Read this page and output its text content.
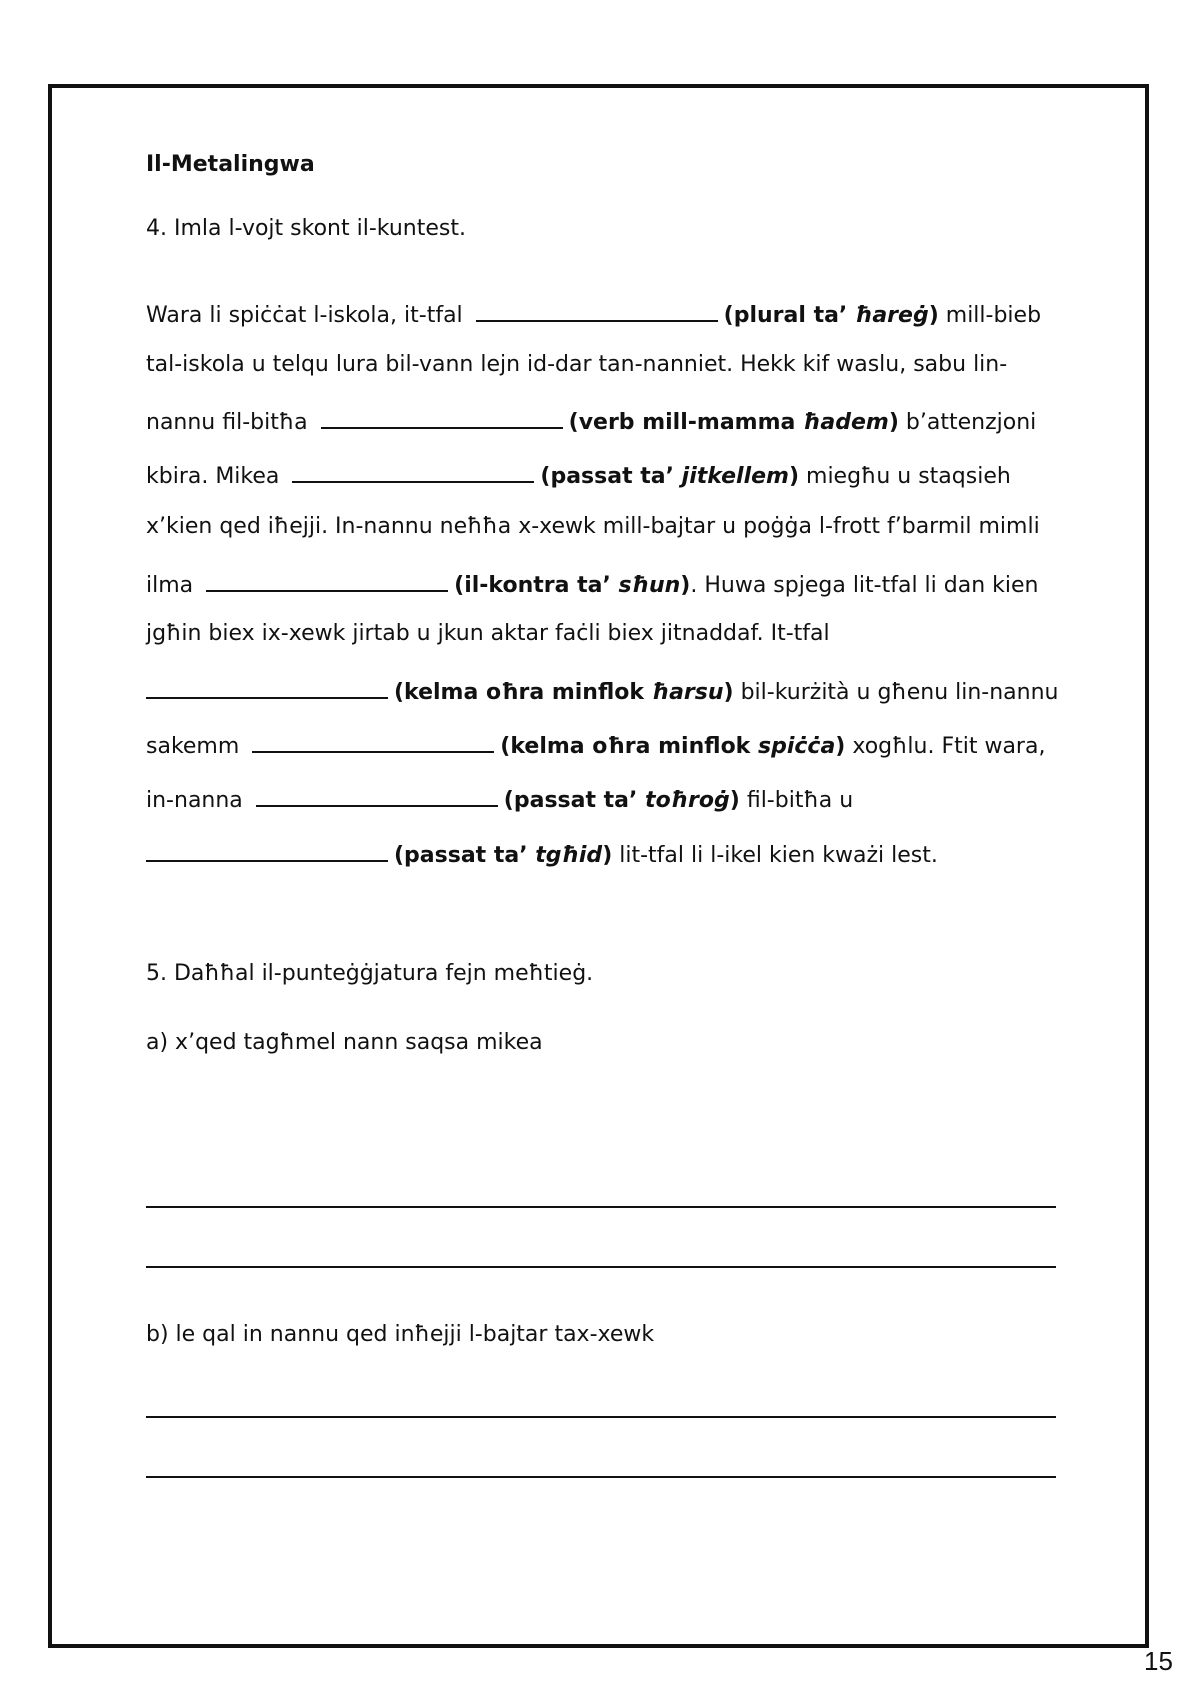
Il-Metalingwa
4. Imla l-vojt skont il-kuntest.
Wara li spiċċat l-iskola, it-tfal	(plural ta’ ħareġ) mill-bieb
tal-iskola u telqu lura bil-vann lejn id-dar tan-nanniet. Hekk kif waslu, sabu lin-
nannu fil-bitħa	(verb mill-mamma ħadem) b’attenzjoni
kbira. Mikea	(passat ta’ jitkellem) miegħu u staqsieh
x’kien qed iħejji. In-nannu neħħa x-xewk mill-bajtar u poġġa l-frott f’barmil mimli
ilma	(il-kontra ta’ sħun). Huwa spjega lit-tfal li dan kien
jgħin biex ix-xewk jirtab u jkun aktar faċli biex jitnaddaf. It-tfal
(kelma oħra minflok ħarsu) bil-kurżità u għenu lin-nannu
sakemm	(kelma oħra minflok spiċċa) xogħlu. Ftit wara,
in-nanna	(passat ta’ toħroġ) fil-bitħa u
(passat ta’ tgħid) lit-tfal li l-ikel kien kważi lest.
5. Daħħal il-punteġġjatura fejn meħtieġ.
a) x’qed tagħmel nann saqsa mikea
b) le qal in nannu qed inħejji l-bajtar tax-xewk
15
